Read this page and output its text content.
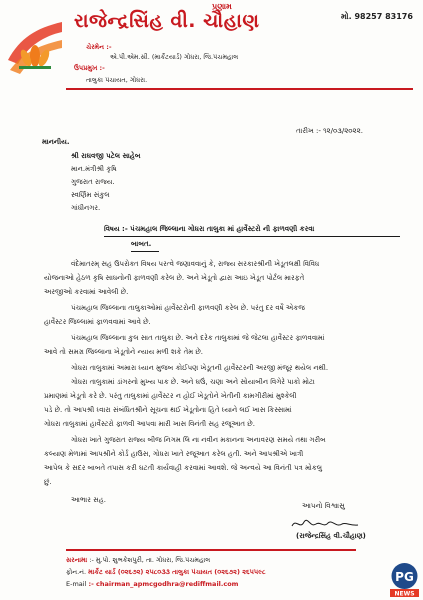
પ્રણામ
રાજેન્દ્રસિંહ વી. ચૌહાણ	મો. 98257 83176
ચેરમેન :-
એ.પી.એમ.સી. (માર્કેટયાર્ડ) ગોધરા, જિ.પંચમહાલ
ઉપપ્રમુખ :-
તાલુકા પંચાયત, ગોધરા.
તારીખ :- ૧૨/૦૩/૨૦૨૨.
માનનીય.
શ્રી રાઘવજી પટેલ સાહેબ
માન.મંત્રીશ્રી કૃષિ
ગુજરાત રાજ્ય.
સ્વર્ણિમ સંકુલ
ગાંધીનગર.
વિષય :- પંચમહાલ જિલ્લાના ગોધરા તાલુકા માં હાર્વેસ્ટરો ની ફાળવણી કરવા
બાબત.
વંદેમાતરમ્ સહ ઉપરોક્ત વિષય પરત્વે જણાવવાનું કે, રાજ્ય સરકારશ્રીની ખેડૂતલક્ષી વિવિધ
યોજનાઓ હેઠળ કૃષિ સાધનોની ફાળવણી કરેલ છે. અને ખેડૂતો દ્વારા આઇ ખેડૂત પોર્ટલ મારફતે
અરજીઓ કરવામાં આવેલી છે.
પંચમહાલ જિલ્લાના તાલુકાઓમાં હાર્વેસ્ટરોની ફાળવણી કરેલ છે. પરંતુ દર વર્ષે એકજ
હાર્વેસ્ટર જિલ્લામાં ફાળવવામાં આવે છે.
પંચમહાલ જિલ્લાના કુલ સાત તાલુકા છે. અને દરેક તાલુકામાં જે જેટલા હાર્વેસ્ટર ફાળવવામાં
આવે તો સમગ્ર જિલ્લાના ખેડૂતોને ન્યાય મળી શકે તેમ છે.
ગોધરા તાલુકામાં અમારા ધ્યાન મુજબ કોઈપણ ખેડૂતની હાર્વેસ્ટરની અરજી મંજૂર થયેલ નથી.
ગોધરા તાલુકામાં ડાંગરનો મુખ્ય પાક છે. અને ઘઉં, ચણા અને સોયાબીન વિગેરે પાકો મોટા
પ્રમાણમાં ખેડૂતો કરે છે. પરંતુ તાલુકામાં હાર્વેસ્ટર ન હોઈ ખેડૂતોને ખેતીની કામગીરીમાં મુશ્કેલી
પડે છે. તો આપશ્રી ધ્વારા સંબંધિતશ્રીને સૂચના થઈ ખેડૂતોના હિતે ધ્યાને લઈ ખાસ કિસ્સામાં
ગોધરા તાલુકામાં હાર્વેસ્ટરો ફાળવી આપવા મારી ખાસ વિનંતી સહ રજૂઆત છે.
ગોધરા ખાતે ગુજરાત રાજ્ય બીજ નિગમ લિ ના નવીન મકાનના અનાવરણ સમયે તથા ગરીબ
કલ્યાણ મેળામાં આપશ્રીને કોર્ડ હાઉસ, ગોધરા ખાતે રજૂઆત કરેલ હતી. અને આપશ્રીએ ખાત્રી
આપેલ કે સદર બાબતે તપાસ કરી ઘટતી કાર્યવાહી કરવામાં આવશે. જે અન્વયે આ વિનંતી પત્ર મોકલુ
છું.
આભાર સહ.
આપનો વિશ્વાસુ
(રાજેન્દ્રસિંહ વી.ચૌહાણ)
સરનામા :- મુ.પો. શુભકેશપુરી, તા. ગોધરા, જિ.પંચમહાલ
ફોન.નં. માર્કેટ યાર્ડ (૦૨૬૭૨) ૨૫૮૦૩૩ તાલુકા પંચાયત (૦૨૬૭૨) ૨૬૫૫૯૮
E-mail :- chairman_apmcgodhra@rediffmail.com	PG
NEWS
